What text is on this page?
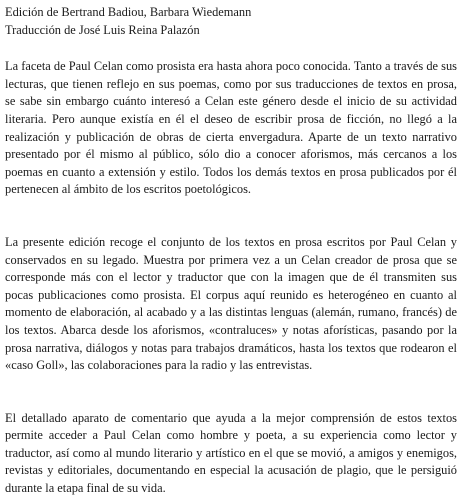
Edición de Bertrand Badiou, Barbara Wiedemann
Traducción de José Luis Reina Palazón

La faceta de Paul Celan como prosista era hasta ahora poco conocida. Tanto a través de sus lecturas, que tienen reflejo en sus poemas, como por sus traducciones de textos en prosa, se sabe sin embargo cuánto interesó a Celan este género desde el inicio de su actividad literaria. Pero aunque existía en él el deseo de escribir prosa de ficción, no llegó a la realización y publicación de obras de cierta envergadura. Aparte de un texto narrativo presentado por él mismo al público, sólo dio a conocer aforismos, más cercanos a los poemas en cuanto a extensión y estilo. Todos los demás textos en prosa publicados por él pertenecen al ámbito de los escritos poetológicos.

La presente edición recoge el conjunto de los textos en prosa escritos por Paul Celan y conservados en su legado. Muestra por primera vez a un Celan creador de prosa que se corresponde más con el lector y traductor que con la imagen que de él transmiten sus pocas publicaciones como prosista. El corpus aquí reunido es heterogéneo en cuanto al momento de elaboración, al acabado y a las distintas lenguas (alemán, rumano, francés) de los textos. Abarca desde los aforismos, «contraluces» y notas aforísticas, pasando por la prosa narrativa, diálogos y notas para trabajos dramáticos, hasta los textos que rodearon el «caso Goll», las colaboraciones para la radio y las entrevistas.

El detallado aparato de comentario que ayuda a la mejor comprensión de estos textos permite acceder a Paul Celan como hombre y poeta, a su experiencia como lector y traductor, así como al mundo literario y artístico en el que se movió, a amigos y enemigos, revistas y editoriales, documentando en especial la acusación de plagio, que le persiguió durante la etapa final de su vida.
